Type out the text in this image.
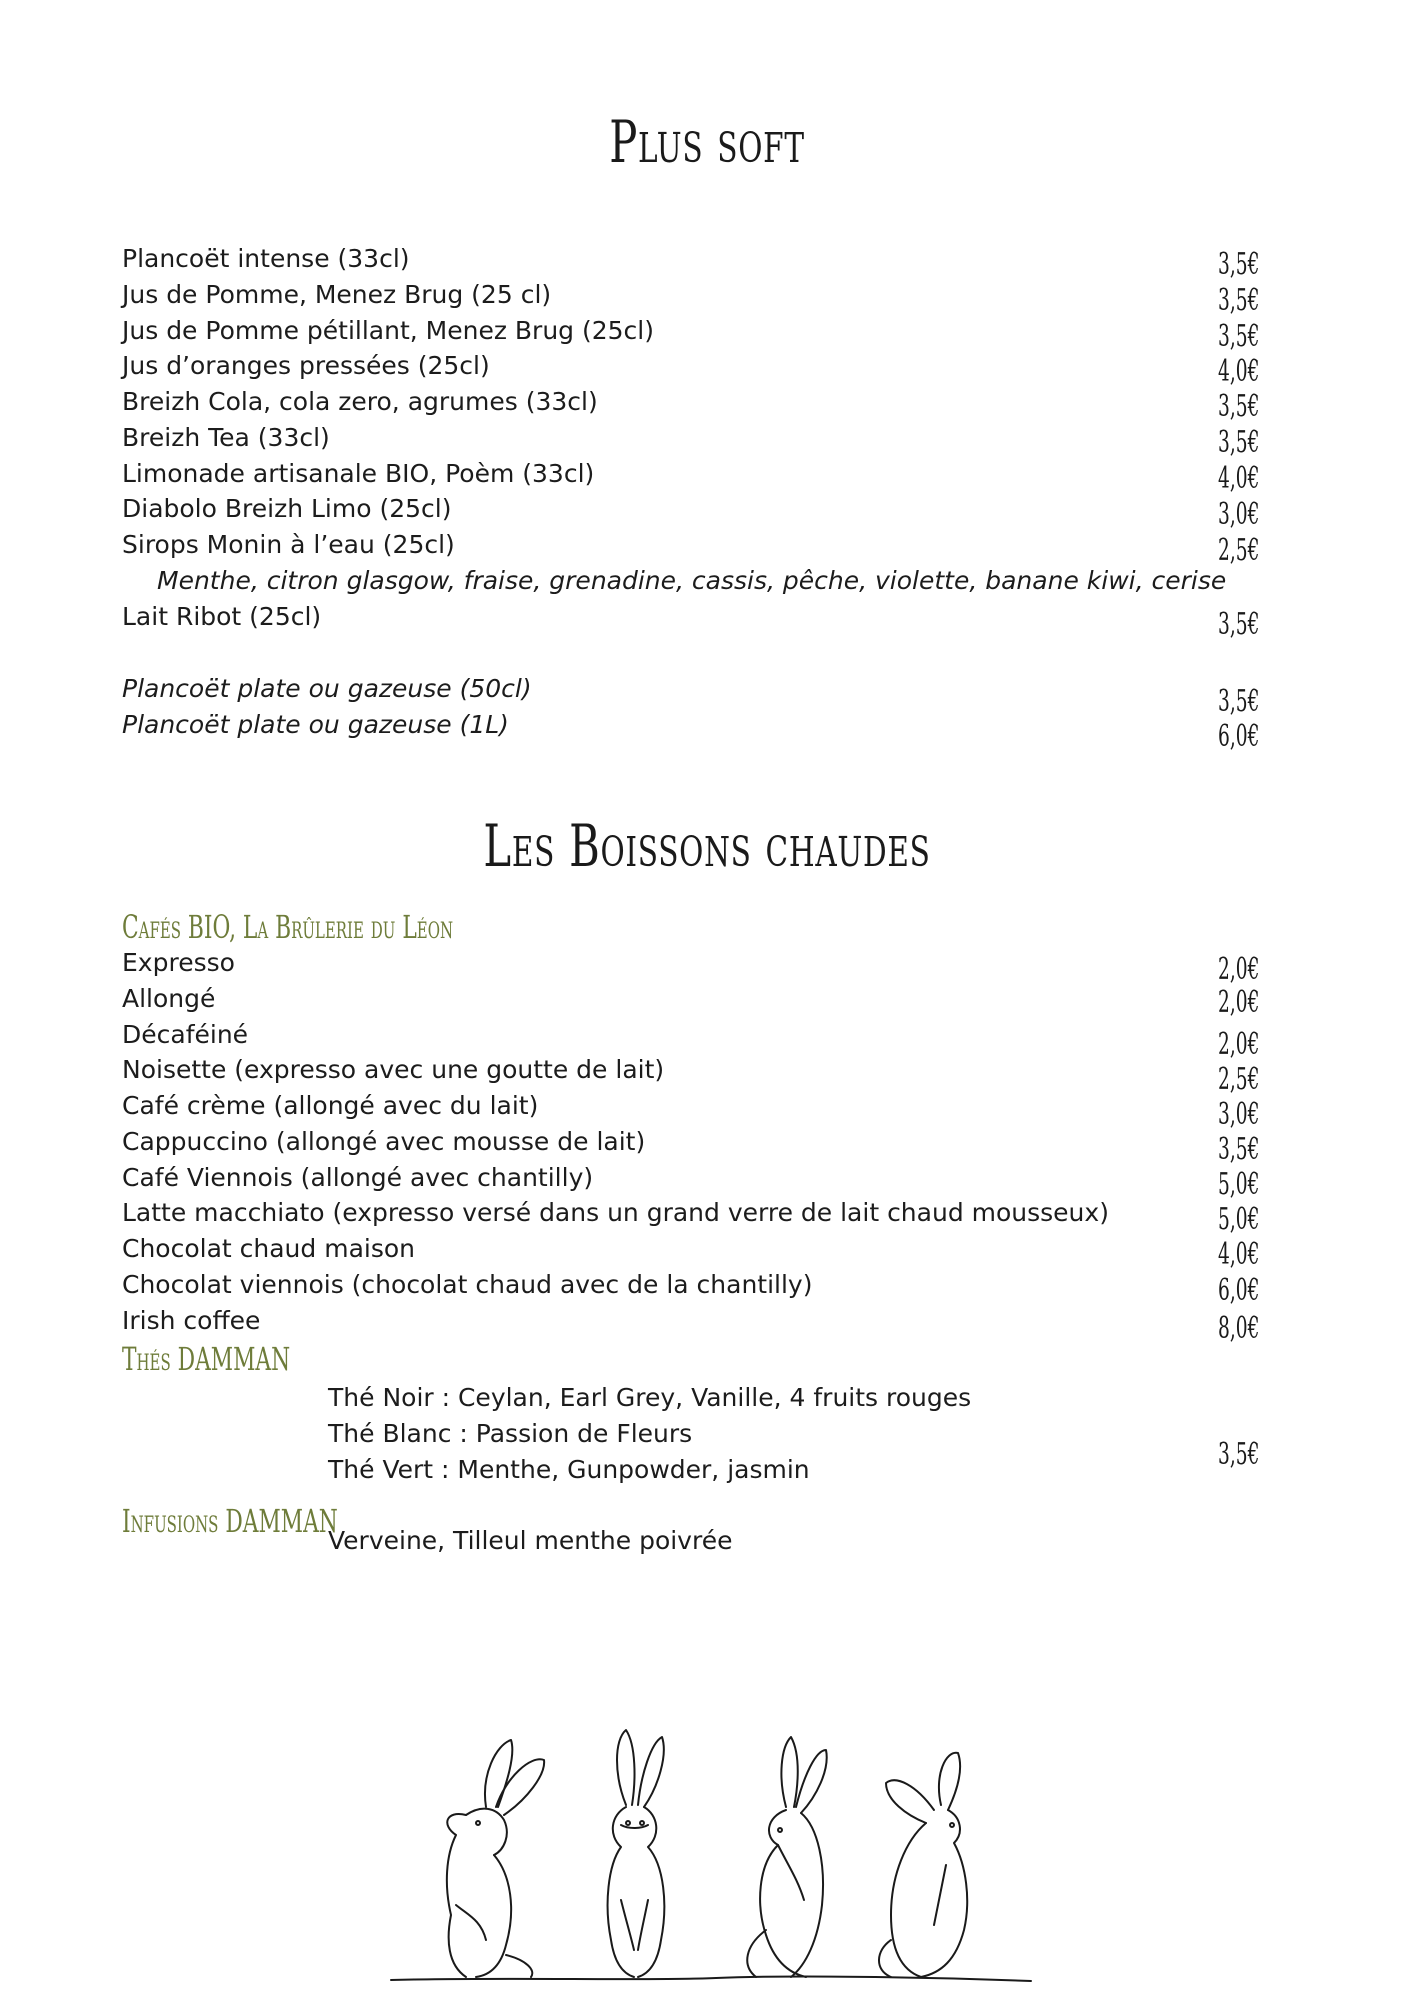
Plus soft
Plancoët intense (33cl)	3,5€
Jus de Pomme, Menez Brug (25 cl)	3,5€
Jus de Pomme pétillant, Menez Brug (25cl)	3,5€
Jus d’oranges pressées (25cl)	4,0€
Breizh Cola, cola zero, agrumes (33cl)	3,5€
Breizh Tea (33cl)	3,5€
Limonade artisanale BIO, Poèm (33cl)	4,0€
Diabolo Breizh Limo (25cl)	3,0€
Sirops Monin à l’eau (25cl)	2,5€
Menthe, citron glasgow, fraise, grenadine, cassis, pêche, violette, banane kiwi, cerise
Lait Ribot (25cl)	3,5€
Plancoët plate ou gazeuse (50cl)	3,5€
Plancoët plate ou gazeuse (1L)	6,0€
Les Boissons chaudes
Cafés BIO, La Brûlerie du Léon
Expresso	2,0€
Allongé	2,0€
Décaféiné	2,0€
Noisette (expresso avec une goutte de lait)	2,5€
Café crème (allongé avec du lait)	3,0€
Cappuccino (allongé avec mousse de lait)	3,5€
Café Viennois (allongé avec chantilly)	5,0€
Latte macchiato (expresso versé dans un grand verre de lait chaud mousseux)	5,0€
Chocolat chaud maison	4,0€
Chocolat viennois (chocolat chaud avec de la chantilly)	6,0€
Irish coffee	8,0€
Thés DAMMAN
Thé Noir : Ceylan, Earl Grey, Vanille, 4 fruits rouges
Thé Blanc : Passion de Fleurs
Thé Vert : Menthe, Gunpowder, jasmin	3,5€
Infusions DAMMAN
Verveine, Tilleul menthe poivrée
